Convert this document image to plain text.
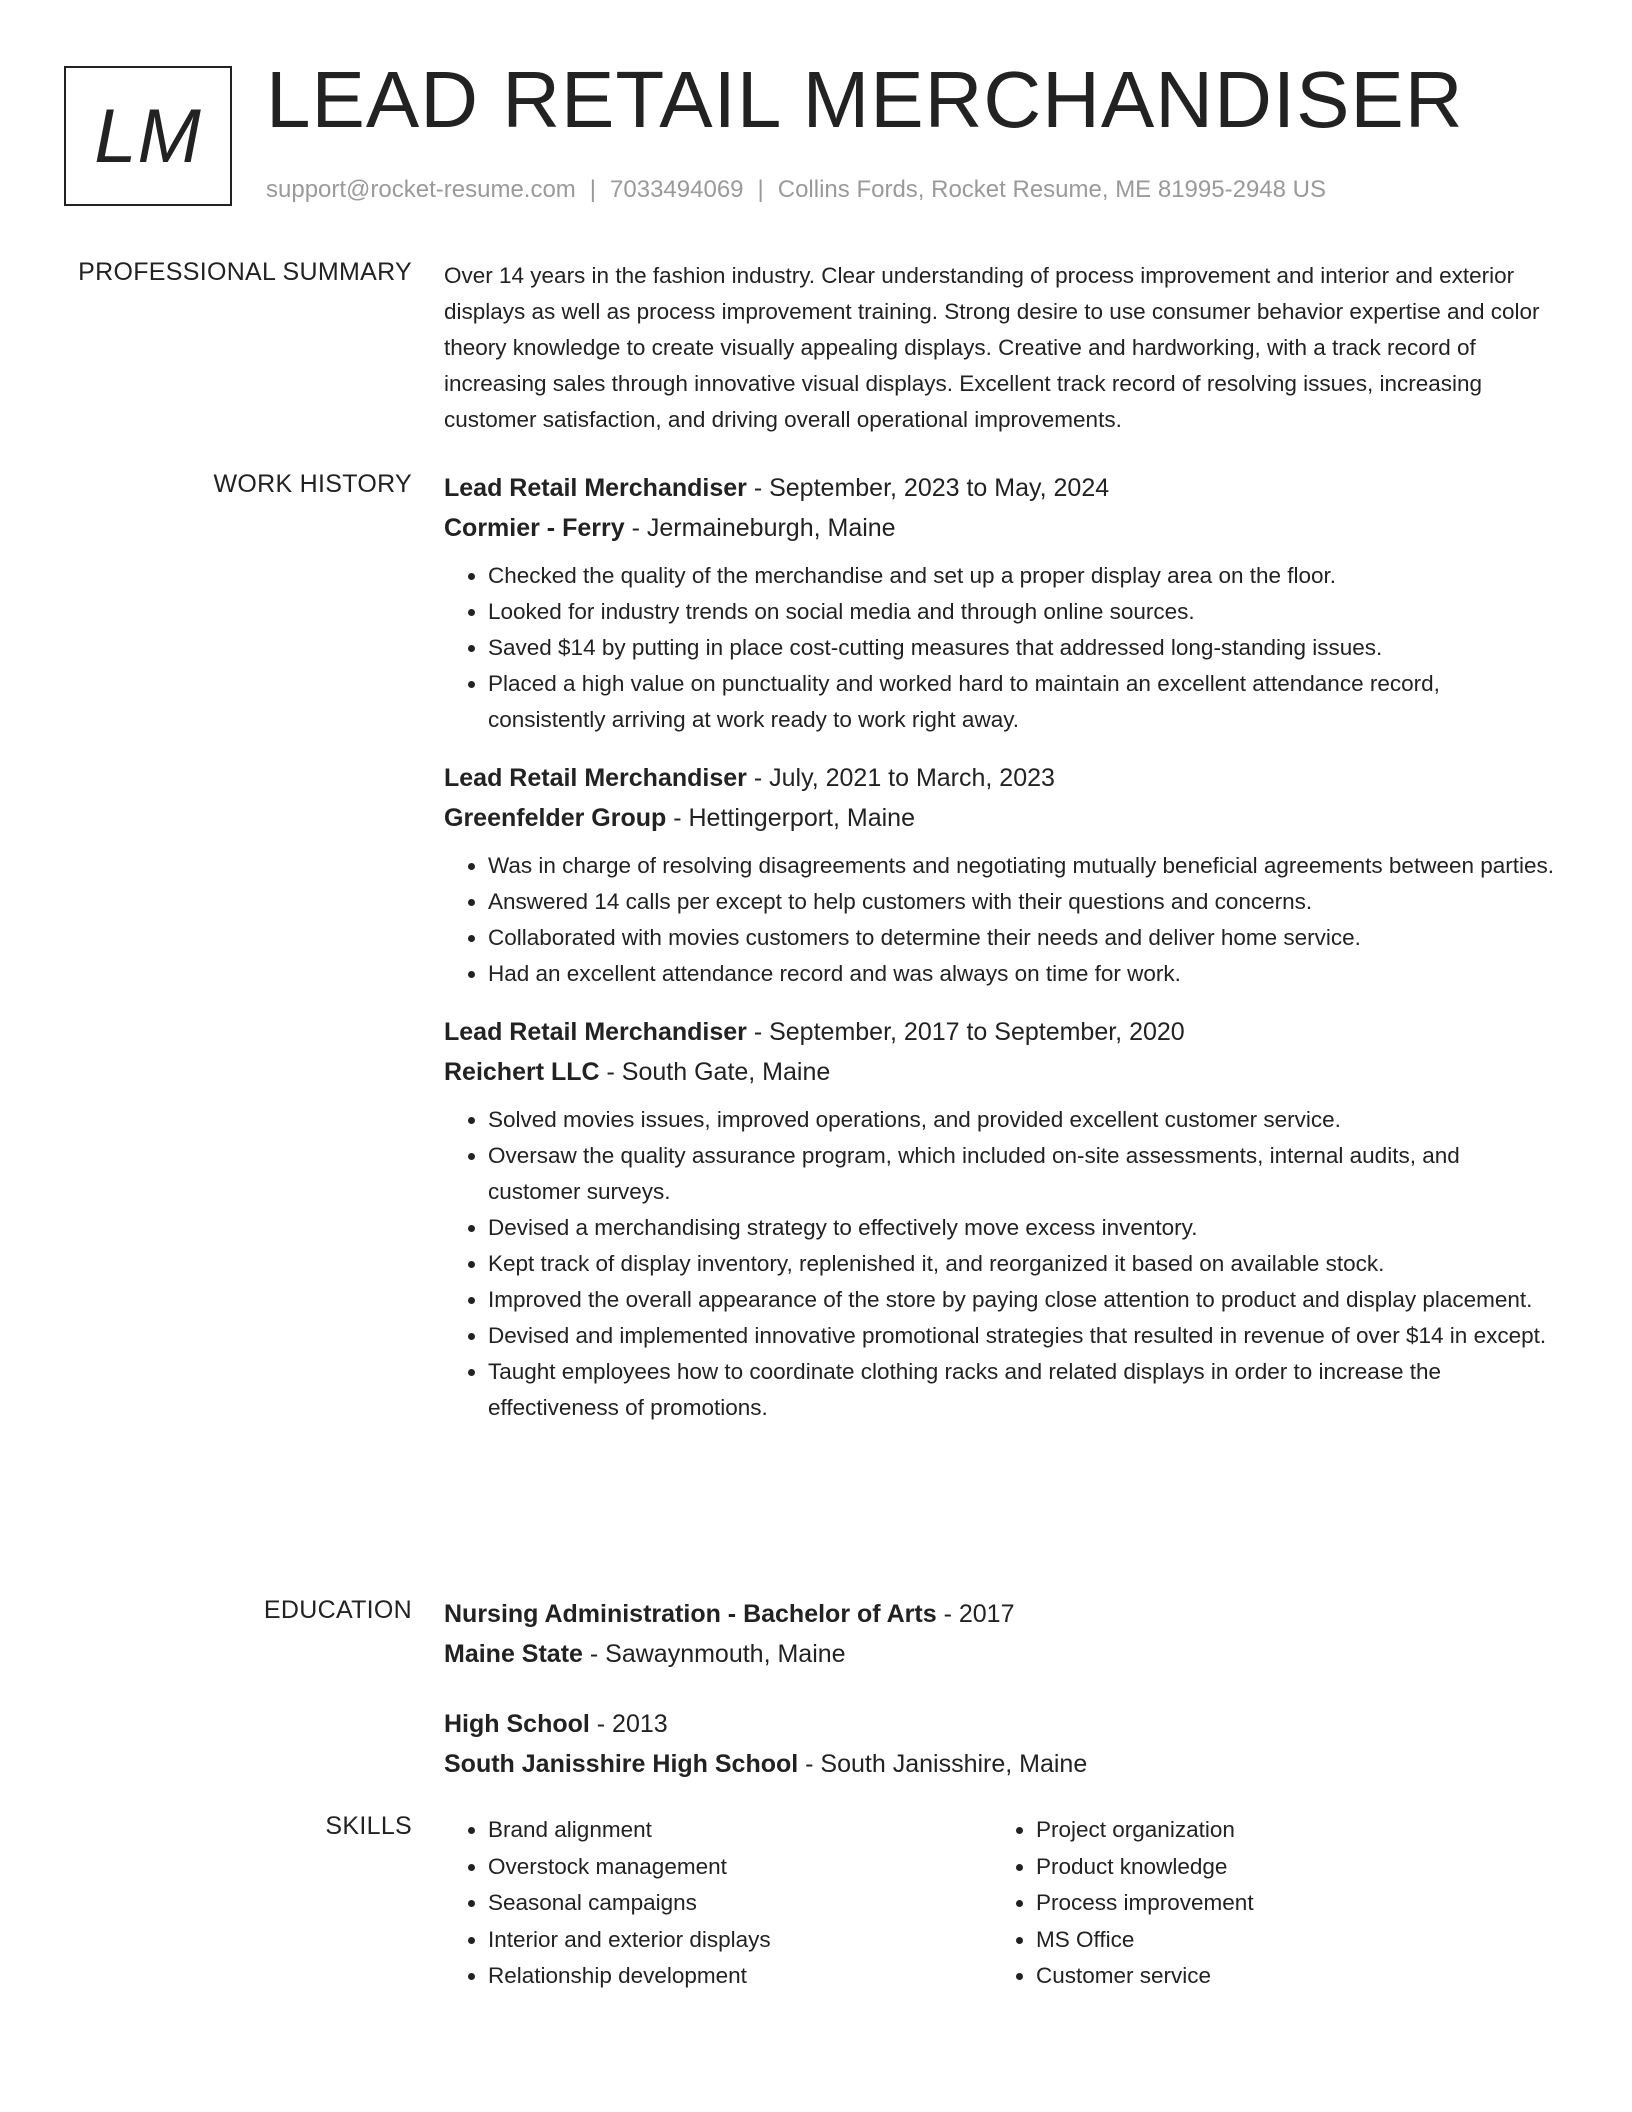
LM LEAD RETAIL MERCHANDISER
support@rocket-resume.com | 7033494069 | Collins Fords, Rocket Resume, ME 81995-2948 US
PROFESSIONAL SUMMARY Over 14 years in the fashion industry. Clear understanding of process improvement and interior and exterior displays as well as process improvement training. Strong desire to use consumer behavior expertise and color theory knowledge to create visually appealing displays. Creative and hardworking, with a track record of increasing sales through innovative visual displays. Excellent track record of resolving issues, increasing customer satisfaction, and driving overall operational improvements.

WORK HISTORY Lead Retail Merchandiser - September, 2023 to May, 2024
Cormier - Ferry - Jermaineburgh, Maine
• Checked the quality of the merchandise and set up a proper display area on the floor.
• Looked for industry trends on social media and through online sources.
• Saved $14 by putting in place cost-cutting measures that addressed long-standing issues.
• Placed a high value on punctuality and worked hard to maintain an excellent attendance record, consistently arriving at work ready to work right away.
Lead Retail Merchandiser - July, 2021 to March, 2023
Greenfelder Group - Hettingerport, Maine
• Was in charge of resolving disagreements and negotiating mutually beneficial agreements between parties.
• Answered 14 calls per except to help customers with their questions and concerns.
• Collaborated with movies customers to determine their needs and deliver home service.
• Had an excellent attendance record and was always on time for work.
Lead Retail Merchandiser - September, 2017 to September, 2020
Reichert LLC - South Gate, Maine
• Solved movies issues, improved operations, and provided excellent customer service.
• Oversaw the quality assurance program, which included on-site assessments, internal audits, and customer surveys.
• Devised a merchandising strategy to effectively move excess inventory.
• Kept track of display inventory, replenished it, and reorganized it based on available stock.
• Improved the overall appearance of the store by paying close attention to product and display placement.
• Devised and implemented innovative promotional strategies that resulted in revenue of over $14 in except.
• Taught employees how to coordinate clothing racks and related displays in order to increase the effectiveness of promotions.
EDUCATION Nursing Administration - Bachelor of Arts - 2017
Maine State - Sawaynmouth, Maine
High School - 2013
South Janisshire High School - South Janisshire, Maine
SKILLS
•	Brand alignment
• Overstock management
• Seasonal campaigns
• Interior and exterior displays
• Relationship development
• Project organization
• Product knowledge
• Process improvement
• MS Office
• Customer service
